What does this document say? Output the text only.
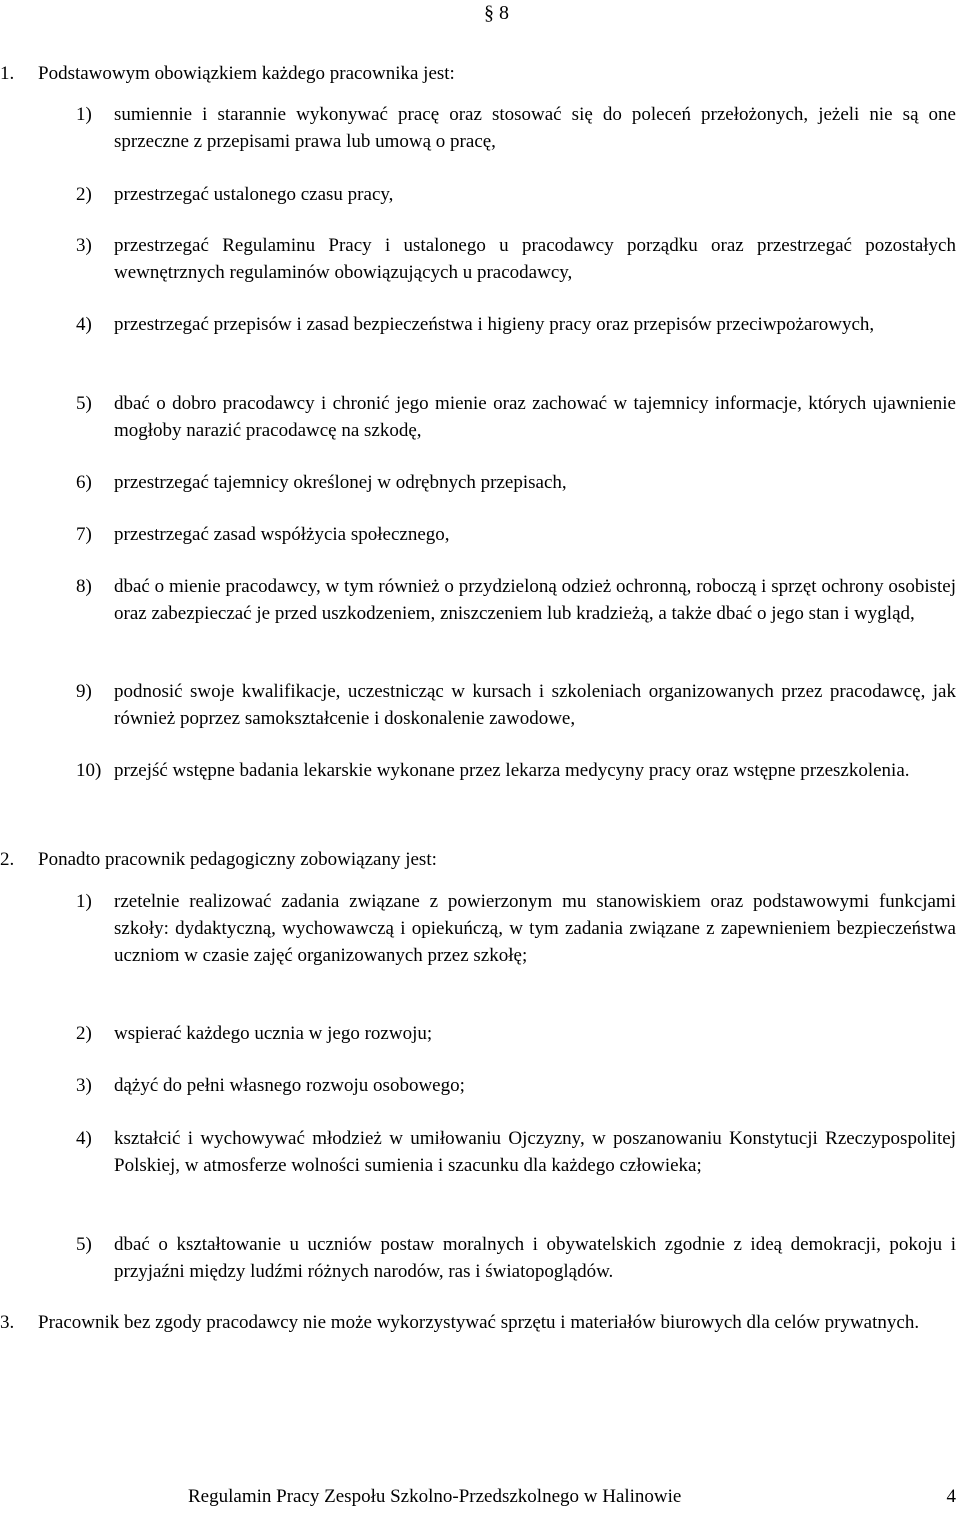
§ 8
1. Podstawowym obowiązkiem każdego pracownika jest:
1)	sumiennie i starannie wykonywać pracę oraz stosować się do poleceń przełożonych, jeżeli nie są one sprzeczne z przepisami prawa lub umową o pracę,
2)	przestrzegać ustalonego czasu pracy,
3)	przestrzegać Regulaminu Pracy i ustalonego u pracodawcy porządku oraz przestrzegać pozostałych wewnętrznych regulaminów obowiązujących u pracodawcy,
4)	przestrzegać przepisów i zasad bezpieczeństwa i higieny pracy oraz przepisów przeciwpożarowych,
5)	dbać o dobro pracodawcy i chronić jego mienie oraz zachować w tajemnicy informacje, których ujawnienie mogłoby narazić pracodawcę na szkodę,
6)	przestrzegać tajemnicy określonej w odrębnych przepisach,
7)	przestrzegać zasad współżycia społecznego,
8)	dbać o mienie pracodawcy, w tym również o przydzieloną odzież ochronną, roboczą i sprzęt ochrony osobistej oraz zabezpieczać je przed uszkodzeniem, zniszczeniem lub kradzieżą, a także dbać o jego stan i wygląd,
9)	podnosić swoje kwalifikacje, uczestnicząc w kursach i szkoleniach organizowanych przez pracodawcę, jak również poprzez samokształcenie i doskonalenie zawodowe,
10) przejść wstępne badania lekarskie wykonane przez lekarza medycyny pracy oraz wstępne przeszkolenia.
2. Ponadto pracownik pedagogiczny zobowiązany jest:
1)	rzetelnie realizować zadania związane z powierzonym mu stanowiskiem oraz podstawowymi funkcjami szkoły: dydaktyczną, wychowawczą i opiekuńczą, w tym zadania związane z zapewnieniem bezpieczeństwa uczniom w czasie zajęć organizowanych przez szkołę;
2)	wspierać każdego ucznia w jego rozwoju;
3)	dążyć do pełni własnego rozwoju osobowego;
4)	kształcić i wychowywać młodzież w umiłowaniu Ojczyzny, w poszanowaniu Konstytucji Rzeczypospolitej Polskiej, w atmosferze wolności sumienia i szacunku dla każdego człowieka;
5)	dbać o kształtowanie u uczniów postaw moralnych i obywatelskich zgodnie z ideą demokracji, pokoju i przyjaźni między ludźmi różnych narodów, ras i światopoglądów.
3. Pracownik bez zgody pracodawcy nie może wykorzystywać sprzętu i materiałów biurowych dla celów prywatnych.
Regulamin Pracy Zespołu Szkolno-Przedszkolnego w Halinowie	4
